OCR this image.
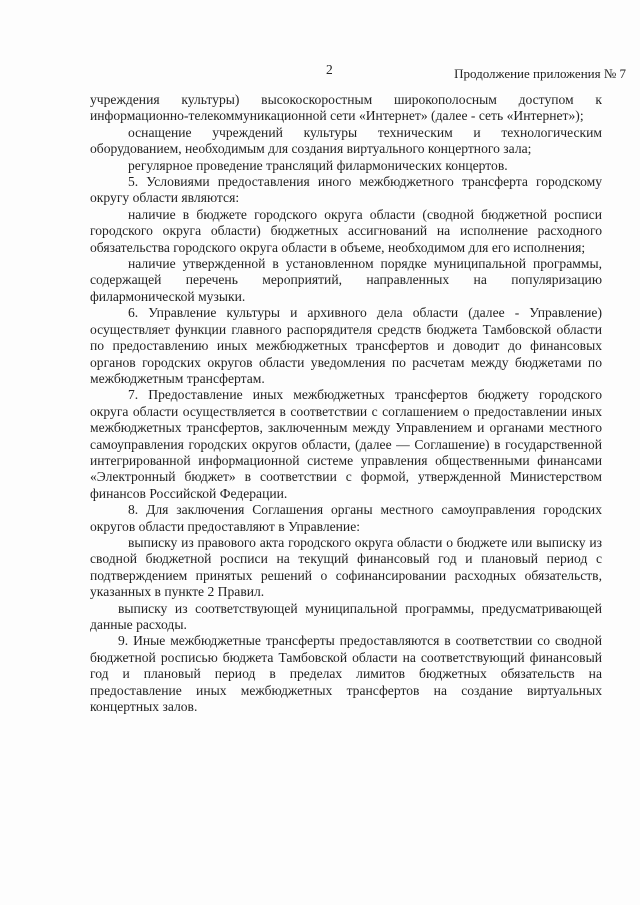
2	Продолжение приложения № 7

учреждения культуры) высокоскоростным широкополосным доступом к информационно-телекоммуникационной сети «Интернет» (далее - сеть «Интернет»);

оснащение учреждений культуры техническим и технологическим оборудованием, необходимым для создания виртуального концертного зала;

регулярное проведение трансляций филармонических концертов.

5. Условиями предоставления иного межбюджетного трансферта городскому округу области являются:

наличие в бюджете городского округа области (сводной бюджетной росписи городского округа области) бюджетных ассигнований на исполнение расходного обязательства городского округа области в объеме, необходимом для его исполнения;

наличие утвержденной в установленном порядке муниципальной программы, содержащей перечень мероприятий, направленных на популяризацию филармонической музыки.

6. Управление культуры и архивного дела области (далее - Управление) осуществляет функции главного распорядителя средств бюджета Тамбовской области по предоставлению иных межбюджетных трансфертов и доводит до финансовых органов городских округов области уведомления по расчетам между бюджетами по межбюджетным трансфертам.

7. Предоставление иных межбюджетных трансфертов бюджету городского округа области осуществляется в соответствии с соглашением о предоставлении иных межбюджетных трансфертов, заключенным между Управлением и органами местного самоуправления городских округов области, (далее — Соглашение) в государственной интегрированной информационной системе управления общественными финансами «Электронный бюджет» в соответствии с формой, утвержденной Министерством финансов Российской Федерации.

8. Для заключения Соглашения органы местного самоуправления городских округов области предоставляют в Управление:

выписку из правового акта городского округа области о бюджете или выписку из сводной бюджетной росписи на текущий финансовый год и плановый период с подтверждением принятых решений о софинансировании расходных обязательств, указанных в пункте 2 Правил.

выписку из соответствующей муниципальной программы, предусматривающей данные расходы.

9. Иные межбюджетные трансферты предоставляются в соответствии со сводной бюджетной росписью бюджета Тамбовской области на соответствующий финансовый год и плановый период в пределах лимитов бюджетных обязательств на предоставление иных межбюджетных трансфертов на создание виртуальных концертных залов.
